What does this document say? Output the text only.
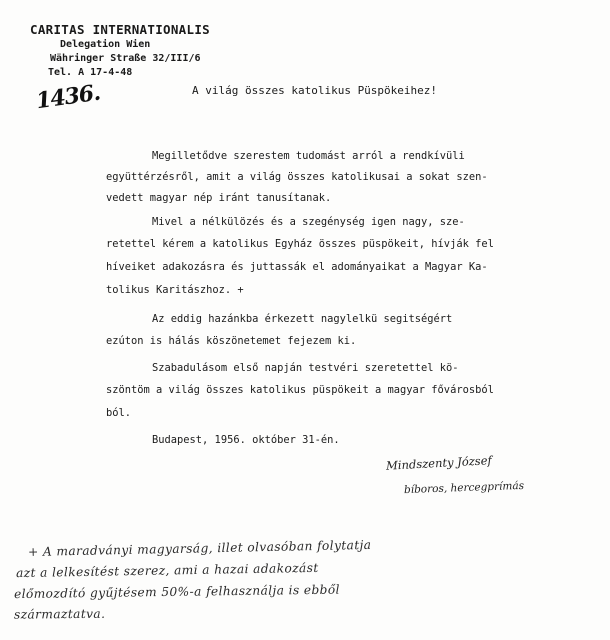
CARITAS INTERNATIONALIS
Delegation Wien
Währinger Straße 32/III/6
Tel. A 17-4-48
1436.	A világ összes katolikus Püspökeihez!
Megilletődve szerestem tudomást arról a rendkívüli
együttérzésről, amit a világ összes katolikusai a sokat szen-
vedett magyar nép iránt tanusítanak.
Mivel a nélkülözés és a szegénység igen nagy, sze-
retettel kérem a katolikus Egyház összes püspökeit, hívják fel
híveiket adakozásra és juttassák el adományaikat a Magyar Ka-
tolikus Karitászhoz. +
Az eddig hazánkba érkezett nagylelkü segitségért
ezúton is hálás köszönetemet fejezem ki.
Szabadulásom első napján testvéri szeretettel kö-
szöntöm a világ összes katolikus püspökeit a magyar fővárosból
ból.
Budapest, 1956. október 31-én.
Mindszenty József
bíboros, hercegprímás
+ A maradványi magyarság, illet olvasóban folytatja
azt a lelkesítést szerez, ami a hazai adakozást
előmozdító gyűjtésem 50%-a felhasználja is ebből
származtatva.
